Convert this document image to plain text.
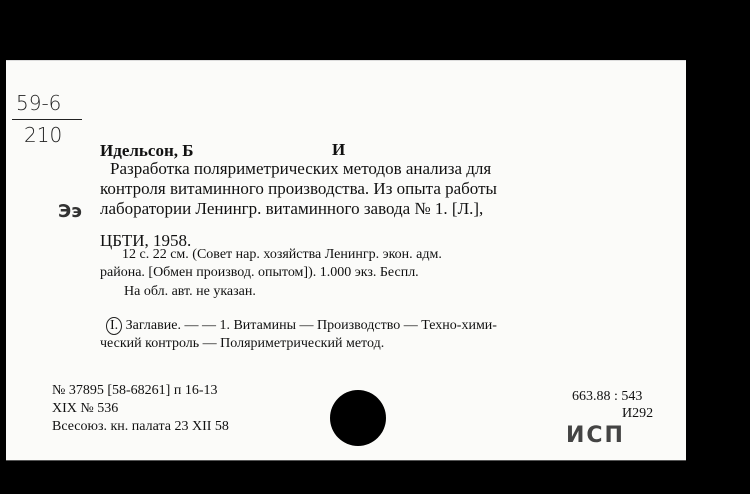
59-6
210
Ээ
Идельсон, Б	И
Разработка поляриметрических методов анализа для
контроля витаминного производства. Из опыта работы
лаборатории Ленингр. витаминного завода № 1. [Л.],
ЦБТИ, 1958.
12 с. 22 см. (Совет нар. хозяйства Ленингр. экон. адм.
района. [Обмен производ. опытом]). 1.000 экз. Беспл.
На обл. авт. не указан.
I. Заглавие. — — 1. Витамины — Производство — Техно-хими-
ческий контроль — Поляриметрический метод.
№ 37895 [58-68261] п 16-13
XIX № 536
Всесоюз. кн. палата 23 XII 58
663.88 : 543
И292
ИСП
